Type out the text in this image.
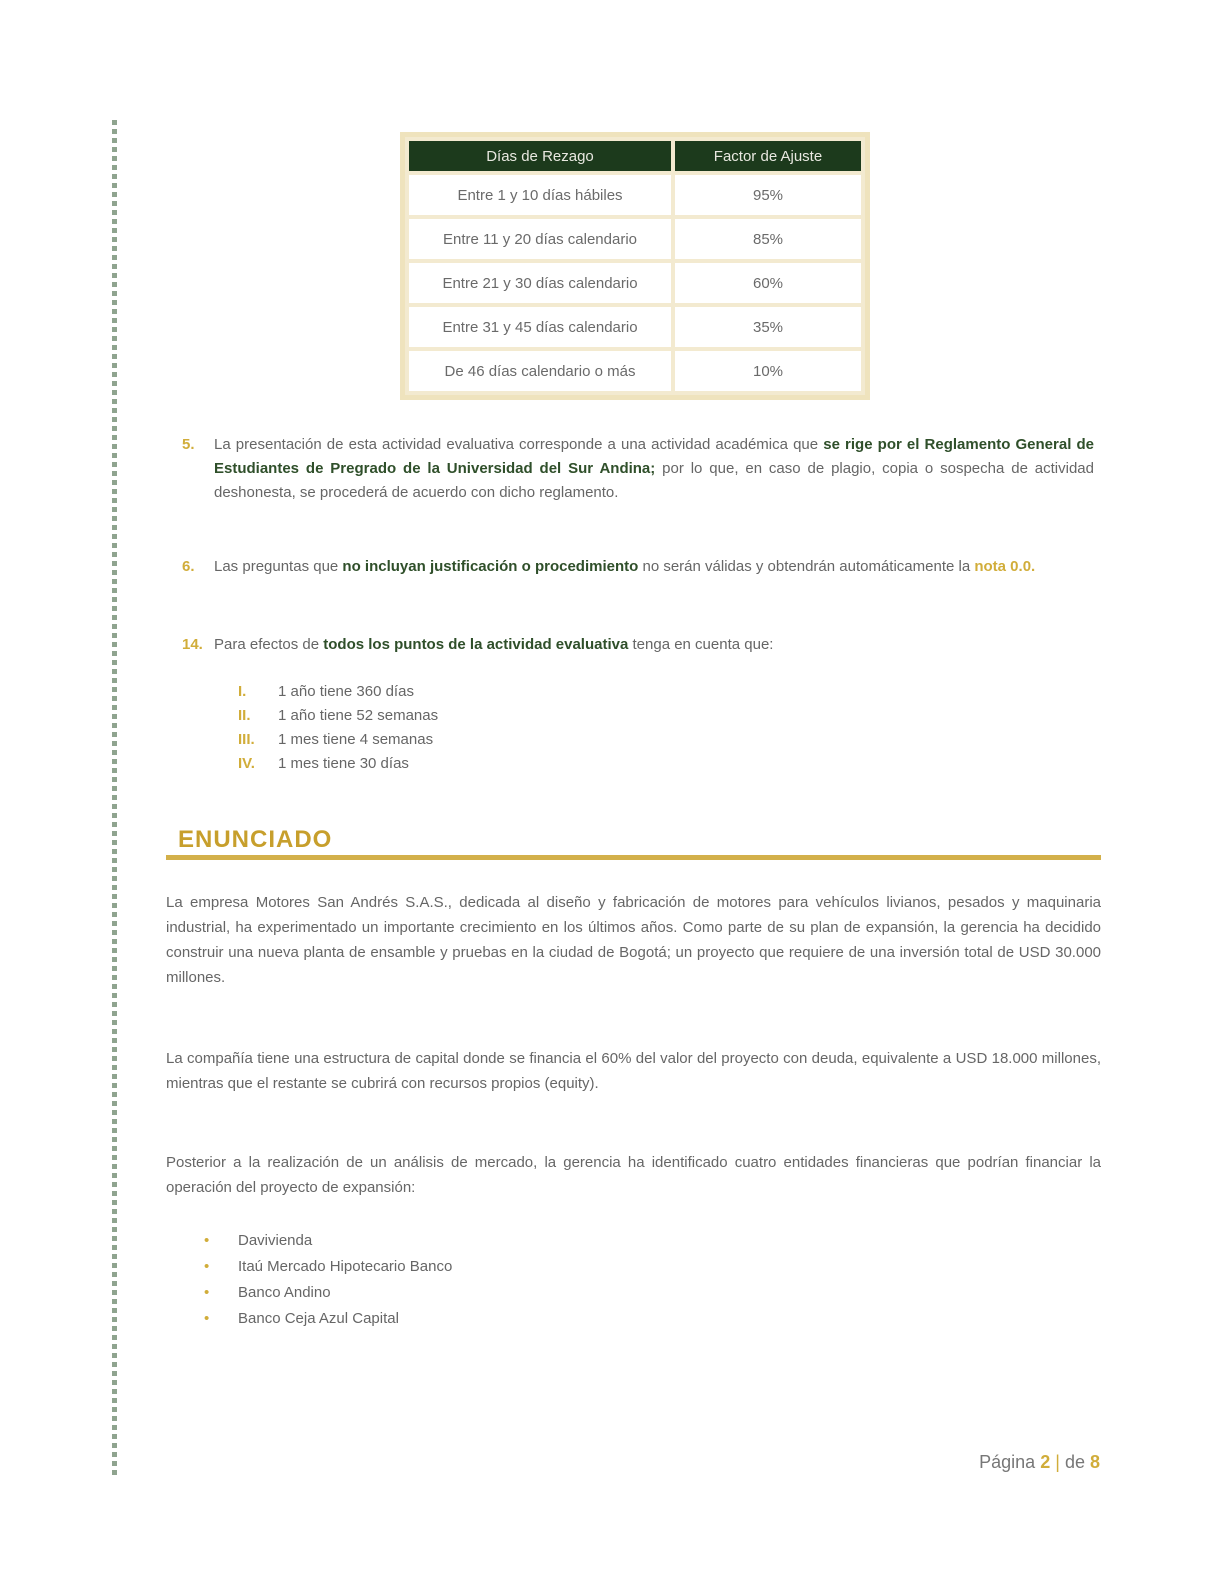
Días de Rezago	Factor de Ajuste
Entre 1 y 10 días hábiles	95%
Entre 11 y 20 días calendario	85%
Entre 21 y 30 días calendario	60%
Entre 31 y 45 días calendario	35%
De 46 días calendario o más	10%
5. La presentación de esta actividad evaluativa corresponde a una actividad académica que se rige por el Reglamento General de Estudiantes de Pregrado de la Universidad del Sur Andina; por lo que, en caso de plagio, copia o sospecha de actividad deshonesta, se procederá de acuerdo con dicho reglamento.
6. Las preguntas que no incluyan justificación o procedimiento no serán válidas y obtendrán automáticamente la nota 0.0.
14. Para efectos de todos los puntos de la actividad evaluativa tenga en cuenta que:
I. 1 año tiene 360 días
II. 1 año tiene 52 semanas
III. 1 mes tiene 4 semanas
IV. 1 mes tiene 30 días
ENUNCIADO
La empresa Motores San Andrés S.A.S., dedicada al diseño y fabricación de motores para vehículos livianos, pesados y maquinaria industrial, ha experimentado un importante crecimiento en los últimos años. Como parte de su plan de expansión, la gerencia ha decidido construir una nueva planta de ensamble y pruebas en la ciudad de Bogotá; un proyecto que requiere de una inversión total de USD 30.000 millones.
La compañía tiene una estructura de capital donde se financia el 60% del valor del proyecto con deuda, equivalente a USD 18.000 millones, mientras que el restante se cubrirá con recursos propios (equity).
Posterior a la realización de un análisis de mercado, la gerencia ha identificado cuatro entidades financieras que podrían financiar la operación del proyecto de expansión:
• Davivienda
• Itaú Mercado Hipotecario Banco
• Banco Andino
• Banco Ceja Azul Capital
Página 2 | de 8
